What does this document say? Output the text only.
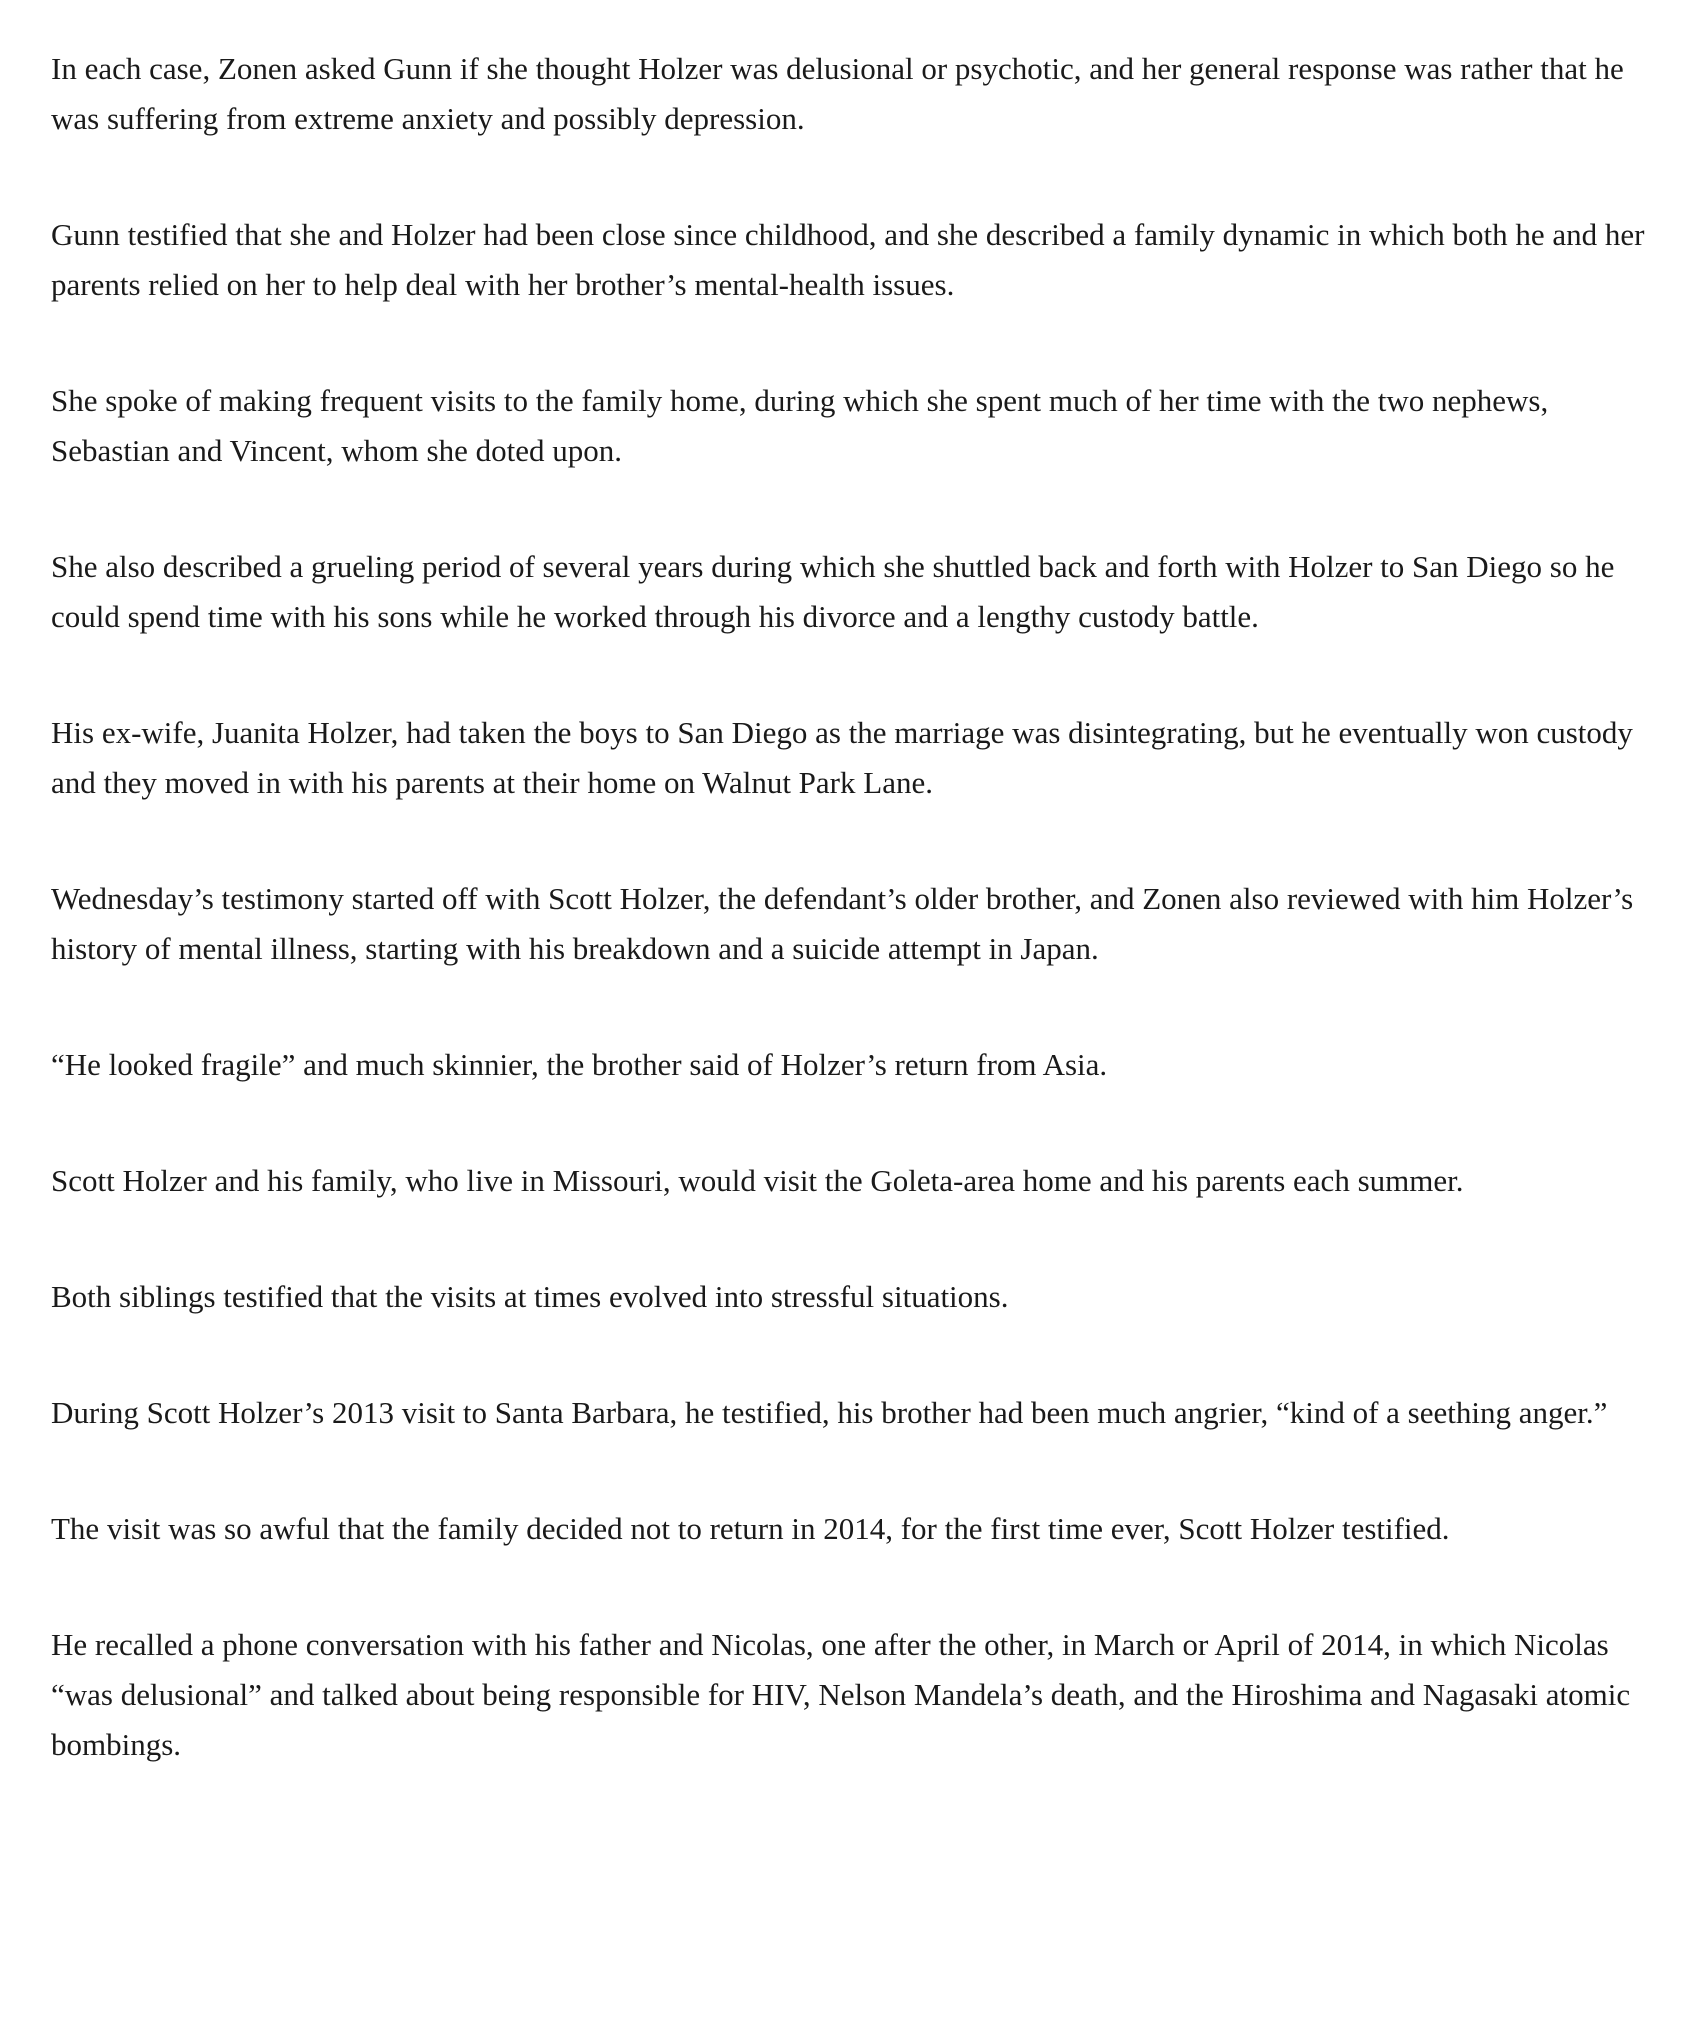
In each case, Zonen asked Gunn if she thought Holzer was delusional or psychotic, and her general response was rather that he was suffering from extreme anxiety and possibly depression.

Gunn testified that she and Holzer had been close since childhood, and she described a family dynamic in which both he and her parents relied on her to help deal with her brother’s mental-health issues.

She spoke of making frequent visits to the family home, during which she spent much of her time with the two nephews, Sebastian and Vincent, whom she doted upon.

She also described a grueling period of several years during which she shuttled back and forth with Holzer to San Diego so he could spend time with his sons while he worked through his divorce and a lengthy custody battle.

His ex-wife, Juanita Holzer, had taken the boys to San Diego as the marriage was disintegrating, but he eventually won custody and they moved in with his parents at their home on Walnut Park Lane.

Wednesday’s testimony started off with Scott Holzer, the defendant’s older brother, and Zonen also reviewed with him Holzer’s history of mental illness, starting with his breakdown and a suicide attempt in Japan.

“He looked fragile” and much skinnier, the brother said of Holzer’s return from Asia.

Scott Holzer and his family, who live in Missouri, would visit the Goleta-area home and his parents each summer.

Both siblings testified that the visits at times evolved into stressful situations.

During Scott Holzer’s 2013 visit to Santa Barbara, he testified, his brother had been much angrier, “kind of a seething anger.”

The visit was so awful that the family decided not to return in 2014, for the first time ever, Scott Holzer testified.

He recalled a phone conversation with his father and Nicolas, one after the other, in March or April of 2014, in which Nicolas “was delusional” and talked about being responsible for HIV, Nelson Mandela’s death, and the Hiroshima and Nagasaki atomic bombings.
